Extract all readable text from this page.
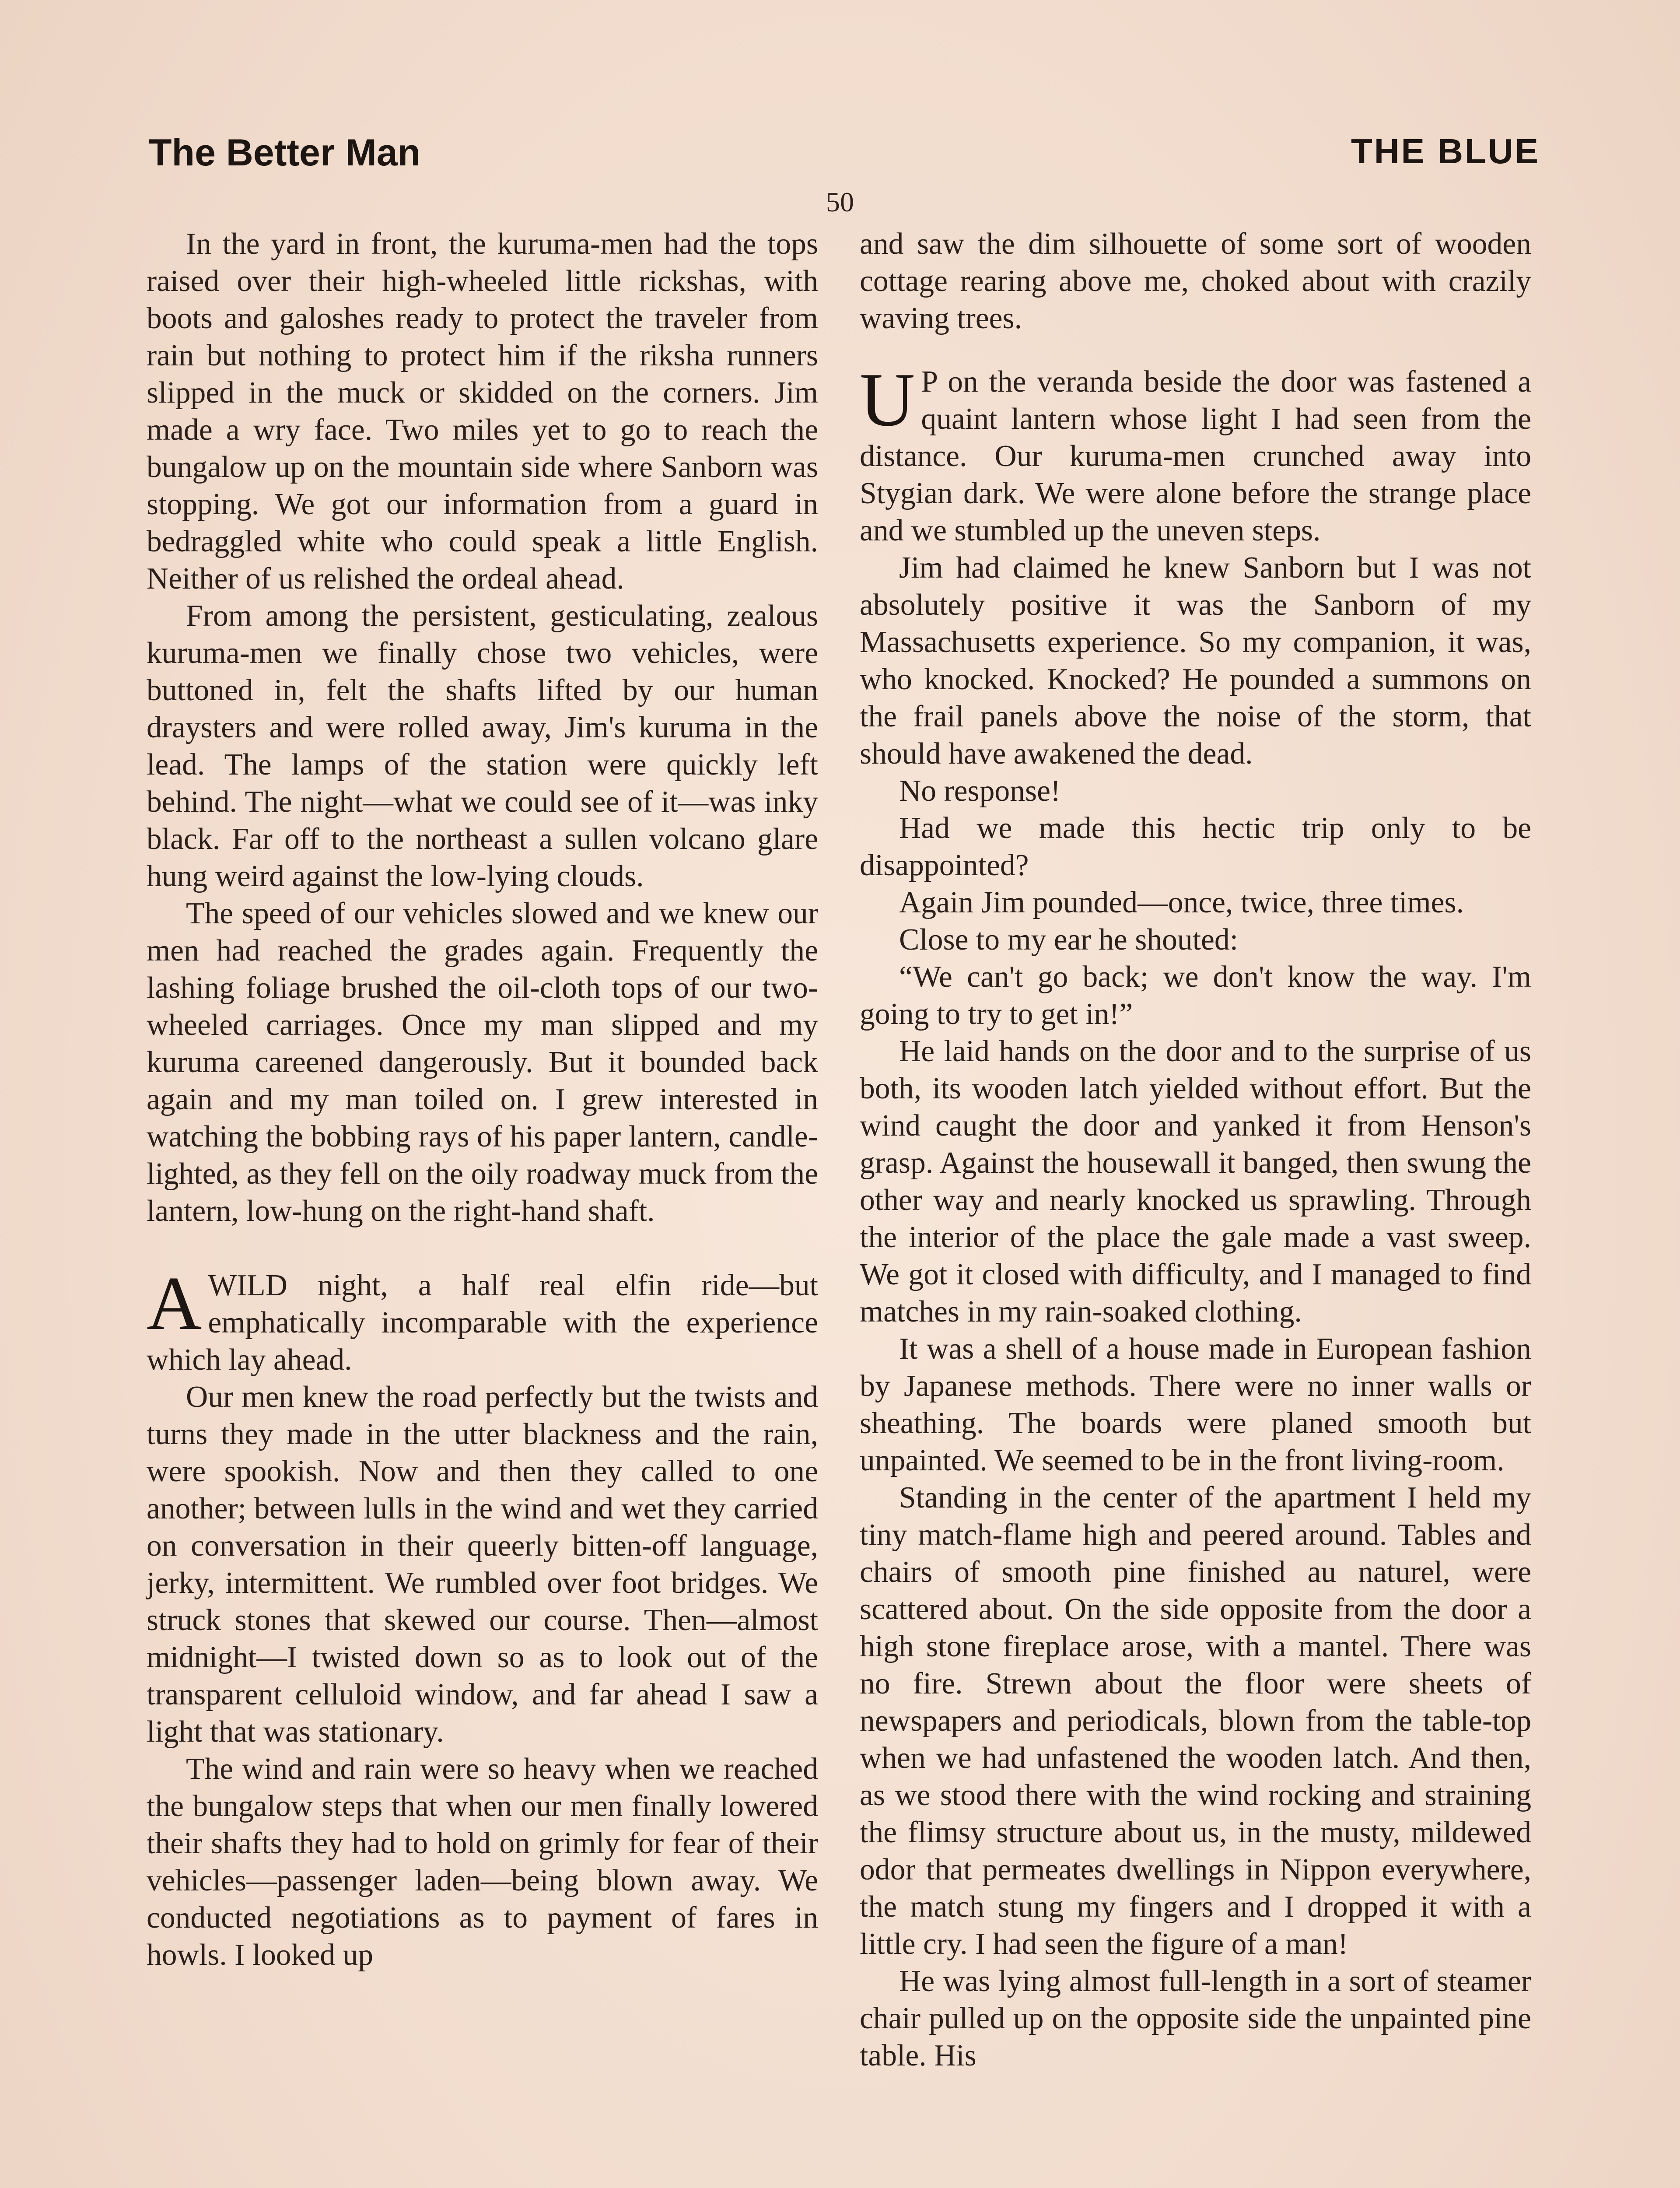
The Better Man	THE BLUE
50

In the yard in front, the kuruma-men had the tops raised over their high-wheeled little rickshas, with boots and galoshes ready to protect the traveler from rain but nothing to protect him if the riksha runners slipped in the muck or skidded on the corners. Jim made a wry face. Two miles yet to go to reach the bungalow up on the mountain side where Sanborn was stopping. We got our information from a guard in bedraggled white who could speak a little English. Neither of us relished the ordeal ahead.

From among the persistent, gesticulating, zealous kuruma-men we finally chose two vehicles, were buttoned in, felt the shafts lifted by our human draysters and were rolled away, Jim's kuruma in the lead. The lamps of the station were quickly left behind. The night—what we could see of it—was inky black. Far off to the northeast a sullen volcano glare hung weird against the low-lying clouds.

The speed of our vehicles slowed and we knew our men had reached the grades again. Frequently the lashing foliage brushed the oil-cloth tops of our two-wheeled carriages. Once my man slipped and my kuruma careened dangerously. But it bounded back again and my man toiled on. I grew interested in watching the bobbing rays of his paper lantern, candle-lighted, as they fell on the oily roadway muck from the lantern, low-hung on the right-hand shaft.

AWILD night, a half real elfin ride—but emphatically incomparable with the experience which lay ahead.

Our men knew the road perfectly but the twists and turns they made in the utter blackness and the rain, were spookish. Now and then they called to one another; between lulls in the wind and wet they carried on conversation in their queerly bitten-off language, jerky, intermittent. We rumbled over foot bridges. We struck stones that skewed our course. Then—almost midnight—I twisted down so as to look out of the transparent celluloid window, and far ahead I saw a light that was stationary.

The wind and rain were so heavy when we reached the bungalow steps that when our men finally lowered their shafts they had to hold on grimly for fear of their vehicles—passenger laden—being blown away. We conducted negotiations as to payment of fares in howls. I looked up

and saw the dim silhouette of some sort of wooden cottage rearing above me, choked about with crazily waving trees.

U P on the veranda beside the door was fastened a quaint lantern whose light I had seen from the distance. Our kuruma-men crunched away into Stygian dark. We were alone before the strange place and we stumbled up the uneven steps.

Jim had claimed he knew Sanborn but I was not absolutely positive it was the Sanborn of my Massachusetts experience. So my companion, it was, who knocked. Knocked? He pounded a summons on the frail panels above the noise of the storm, that should have awakened the dead.

No response!

Had we made this hectic trip only to be disappointed?

Again Jim pounded—once, twice, three times.

Close to my ear he shouted:

“We can't go back; we don't know the way. I'm going to try to get in!”

He laid hands on the door and to the surprise of us both, its wooden latch yielded without effort. But the wind caught the door and yanked it from Henson's grasp. Against the housewall it banged, then swung the other way and nearly knocked us sprawling. Through the interior of the place the gale made a vast sweep. We got it closed with difficulty, and I managed to find matches in my rain-soaked clothing.

It was a shell of a house made in European fashion by Japanese methods. There were no inner walls or sheathing. The boards were planed smooth but unpainted. We seemed to be in the front living-room.

Standing in the center of the apartment I held my tiny match-flame high and peered around. Tables and chairs of smooth pine finished au naturel, were scattered about. On the side opposite from the door a high stone fireplace arose, with a mantel. There was no fire. Strewn about the floor were sheets of newspapers and periodicals, blown from the table-top when we had unfastened the wooden latch. And then, as we stood there with the wind rocking and straining the flimsy structure about us, in the musty, mildewed odor that permeates dwellings in Nippon everywhere, the match stung my fingers and I dropped it with a little cry. I had seen the figure of a man!

He was lying almost full-length in a sort of steamer chair pulled up on the opposite side the unpainted pine table. His
